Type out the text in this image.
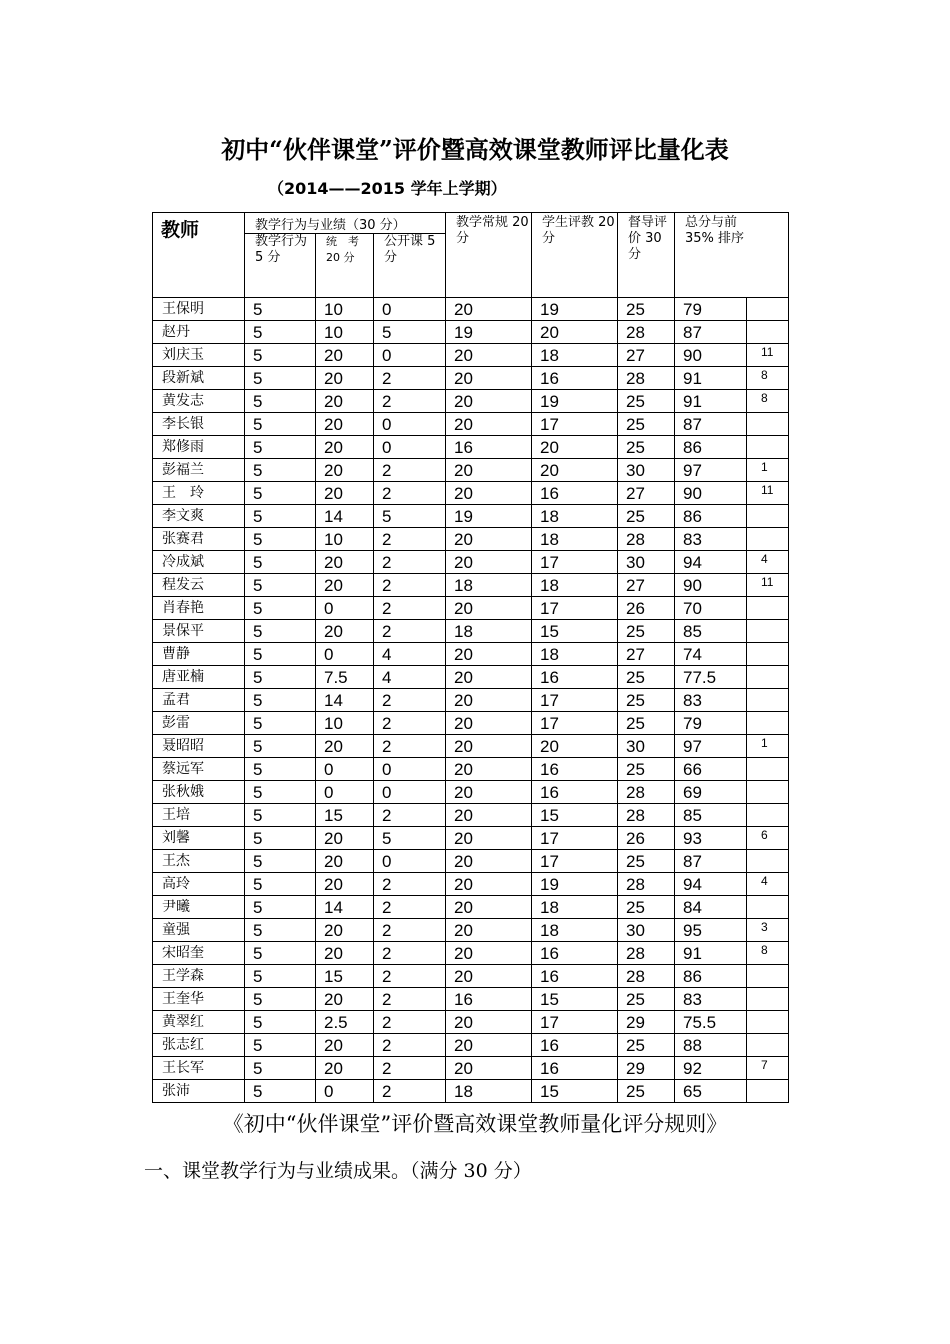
初中“伙伴课堂”评价暨高效课堂教师评比量化表
（2014——2015 学年上学期）
教师	教学行为与业绩（30 分）			教学常规 20 分	学生评教 20 分	督导评价 30 分	总分与前 35% 排序	

	教学行为 5 分	统　考 20 分	公开课 5 分					

王保明	5	10	0	20	19	25	79	

赵丹	5	10	5	19	20	28	87	

刘庆玉	5	20	0	20	18	27	90	11

段新斌	5	20	2	20	16	28	91	8

黄发志	5	20	2	20	19	25	91	8

李长银	5	20	0	20	17	25	87	

郑修雨	5	20	0	16	20	25	86	

彭福兰	5	20	2	20	20	30	97	1

王　玲	5	20	2	20	16	27	90	11

李文爽	5	14	5	19	18	25	86	

张赛君	5	10	2	20	18	28	83	

冷成斌	5	20	2	20	17	30	94	4

程发云	5	20	2	18	18	27	90	11

肖春艳	5	0	2	20	17	26	70	

景保平	5	20	2	18	15	25	85	

曹静	5	0	4	20	18	27	74	

唐亚楠	5	7.5	4	20	16	25	77.5	

孟君	5	14	2	20	17	25	83	

彭雷	5	10	2	20	17	25	79	

聂昭昭	5	20	2	20	20	30	97	1

蔡远军	5	0	0	20	16	25	66	

张秋娥	5	0	0	20	16	28	69	

王培	5	15	2	20	15	28	85	

刘馨	5	20	5	20	17	26	93	6

王杰	5	20	0	20	17	25	87	

高玲	5	20	2	20	19	28	94	4

尹曦	5	14	2	20	18	25	84	

童强	5	20	2	20	18	30	95	3

宋昭奎	5	20	2	20	16	28	91	8

王学森	5	15	2	20	16	28	86	

王奎华	5	20	2	16	15	25	83	

黄翠红	5	2.5	2	20	17	29	75.5	

张志红	5	20	2	20	16	25	88	

王长军	5	20	2	20	16	29	92	7

张沛	5	0	2	18	15	25	65	

《初中“伙伴课堂”评价暨高效课堂教师量化评分规则》
一、课堂教学行为与业绩成果。（满分 30 分）
